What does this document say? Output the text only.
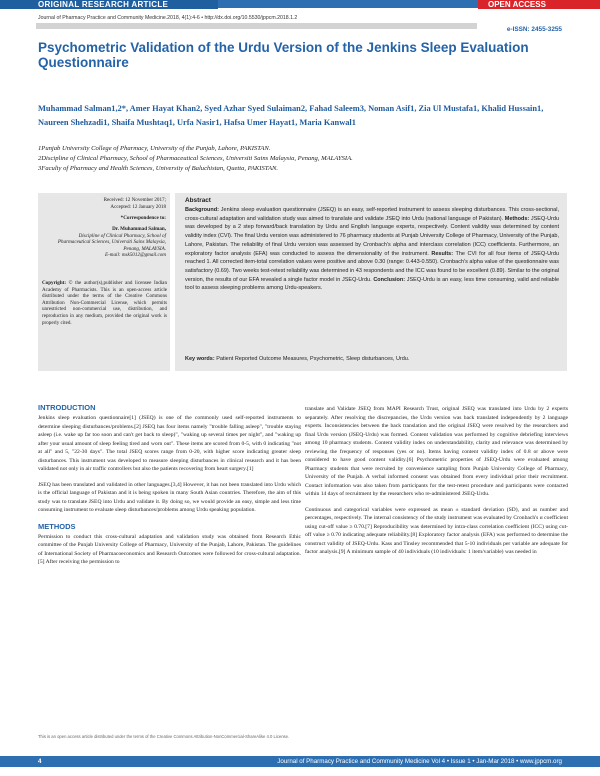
ORIGINAL RESEARCH ARTICLE	OPEN ACCESS
Journal of Pharmacy Practice and Community Medicine.2018, 4(1):4-6 • http://dx.doi.org/10.5530/jppcm.2018.1.2
e-ISSN: 2455-3255
Psychometric Validation of the Urdu Version of the Jenkins Sleep Evaluation Questionnaire
Muhammad Salman1,2*, Amer Hayat Khan2, Syed Azhar Syed Sulaiman2, Fahad Saleem3, Noman Asif1, Zia Ul Mustafa1, Khalid Hussain1, Naureen Shehzadi1, Shaifa Mushtaq1, Urfa Nasir1, Hafsa Umer Hayat1, Maria Kanwal1
1Punjab University College of Pharmacy, University of the Punjab, Lahore, PAKISTAN.
2Discipline of Clinical Pharmacy, School of Pharmaceutical Sciences, Universiti Sains Malaysia, Penang, MALAYSIA.
3Faculty of Pharmacy and Health Sciences, University of Baluchistan, Quetta, PAKISTAN.
Received: 12 November 2017;
Accepted: 12 January 2018
*Correspondence to:
Dr. Muhammad Salman,
Discipline of Clinical Pharmacy, School of Pharmaceutical Sciences, Universiti Sains Malaysia, Penang, MALAYSIA.
E-mail: msk5012@gmail.com
Copyright: © the author(s),publisher and licensee Indian Academy of Pharmacists. This is an open-access article distributed under the terms of the Creative Commons Attribution Non-Commercial License, which permits unrestricted non-commercial use, distribution, and reproduction in any medium, provided the original work is properly cited.
Abstract

Background: Jenkins sleep evaluation questionnaire (JSEQ) is an easy, self-reported instrument to assess sleeping disturbances. This cross-sectional, cross-cultural adaptation and validation study was aimed to translate and validate JSEQ into Urdu (national language of Pakistan). Methods: JSEQ-Urdu was developed by a 2 step forward/back translation by Urdu and English language experts, respectively. Content validity was determined by content validity index (CVI). The final Urdu version was administered to 76 pharmacy students at Punjab University College of Pharmacy, University of the Punjab, Lahore, Pakistan. The reliability of final Urdu version was assessed by Cronbach's alpha and interclass correlation (ICC) coefficients. Furthermore, an exploratory factor analysis (EFA) was conducted to assess the dimensionality of the instrument. Results: The CVI for all four items of JSEQ-Urdu reached 1. All corrected item-total correlation values were positive and above 0.30 (range: 0.443-0.550). Cronbach's alpha value of the questionnaire was satisfactory (0.69). Two weeks test-retest reliability was determined in 43 respondents and the ICC was found to be excellent (0.89). Similar to the original version, the results of our EFA revealed a single factor model in JSEQ-Urdu. Conclusion: JSEQ-Urdu is an easy, less time consuming, valid and reliable tool to assess sleeping problems among Urdu-speakers.

Key words: Patient Reported Outcome Measures, Psychometric, Sleep disturbances, Urdu.
INTRODUCTION

Jenkins sleep evaluation questionnaire[1] (JSEQ) is one of the commonly used self-reported instruments to determine sleeping disturbances/problems.[2] JSEQ has four items namely "trouble falling asleep", "trouble staying asleep (i.e. wake up far too soon and can't get back to sleep)", "waking up several times per night", and "waking up after your usual amount of sleep feeling tired and worn out". These items are scored from 0-5, with 0 indicating "not at all" and 5, "22-30 days". The total JSEQ scores range from 0-20, with higher score indicating greater sleep disturbances. This instrument was developed to measure sleeping disturbances in clinical research and it has been validated not only in air traffic controllers but also the patients recovering from heart surgery.[1]

JSEQ has been translated and validated in other languages.[3,4] However, it has not been translated into Urdu which is the official language of Pakistan and it is being spoken in many South Asian countries. Therefore, the aim of this study was to translate JSEQ into Urdu and validate it. By doing so, we would provide an easy, simple and less time consuming instrument to evaluate sleep disturbances/problems among Urdu speaking population.

METHODS

Permission to conduct this cross-cultural adaptation and validation study was obtained from Research Ethic committee of the Punjab University College of Pharmacy, University of the Punjab, Lahore, Pakistan. The guidelines of International Society of Pharmacoeconomics and Research Outcomes were followed for cross-cultural adaptation.[5] After receiving the permission to

translate and Validate JSEQ from MAPI Research Trust, original JSEQ was translated into Urdu by 2 experts separately. After resolving the discrepancies, the Urdu version was back translated independently by 2 language experts. Inconsistencies between the back translation and the original JSEQ were resolved by the researchers and final Urdu version (JSEQ-Urdu) was formed. Content validation was performed by cognitive debriefing interviews among 10 pharmacy students. Content validity index on understandability, clarity and relevance was determined by reviewing the frequency of responses (yes or no). Items having content validity index of 0.8 or above were considered to have good content validity.[6] Psychometric properties of JSEQ-Urdu were evaluated among Pharmacy students that were recruited by convenience sampling from Punjab University College of Pharmacy, University of the Punjab. A verbal informed consent was obtained from every individual prior their recruitment. Contact information was also taken from participants for the test-retest procedure and participants were contacted within 14 days of recruitment by the researchers who re-administered JSEQ-Urdu.

Continuous and categorical variables were expressed as mean ± standard deviation (SD), and as number and percentages, respectively. The internal consistency of the study instrument was evaluated by Cronbach's α coefficient using cut-off value ≥ 0.70.[7] Reproducibility was determined by intra-class correlation coefficient (ICC) using cut-off value ≥ 0.70 indicating adequate reliability.[8] Exploratory factor analysis (EFA) was performed to determine the construct validity of JSEQ-Urdu. Kass and Tinsley recommended that 5-10 individuals per variable are adequate for factor analysis.[9] A minimum sample of 40 individuals (10 individuals: 1 item/variable) was needed in

This is an open access article distributed under the terms of the Creative Commons Attribution-NonCommercial-ShareAlike 4.0 License.
4	Journal of Pharmacy Practice and Community Medicine Vol 4 • Issue 1 • Jan-Mar 2018 • www.jppcm.org
